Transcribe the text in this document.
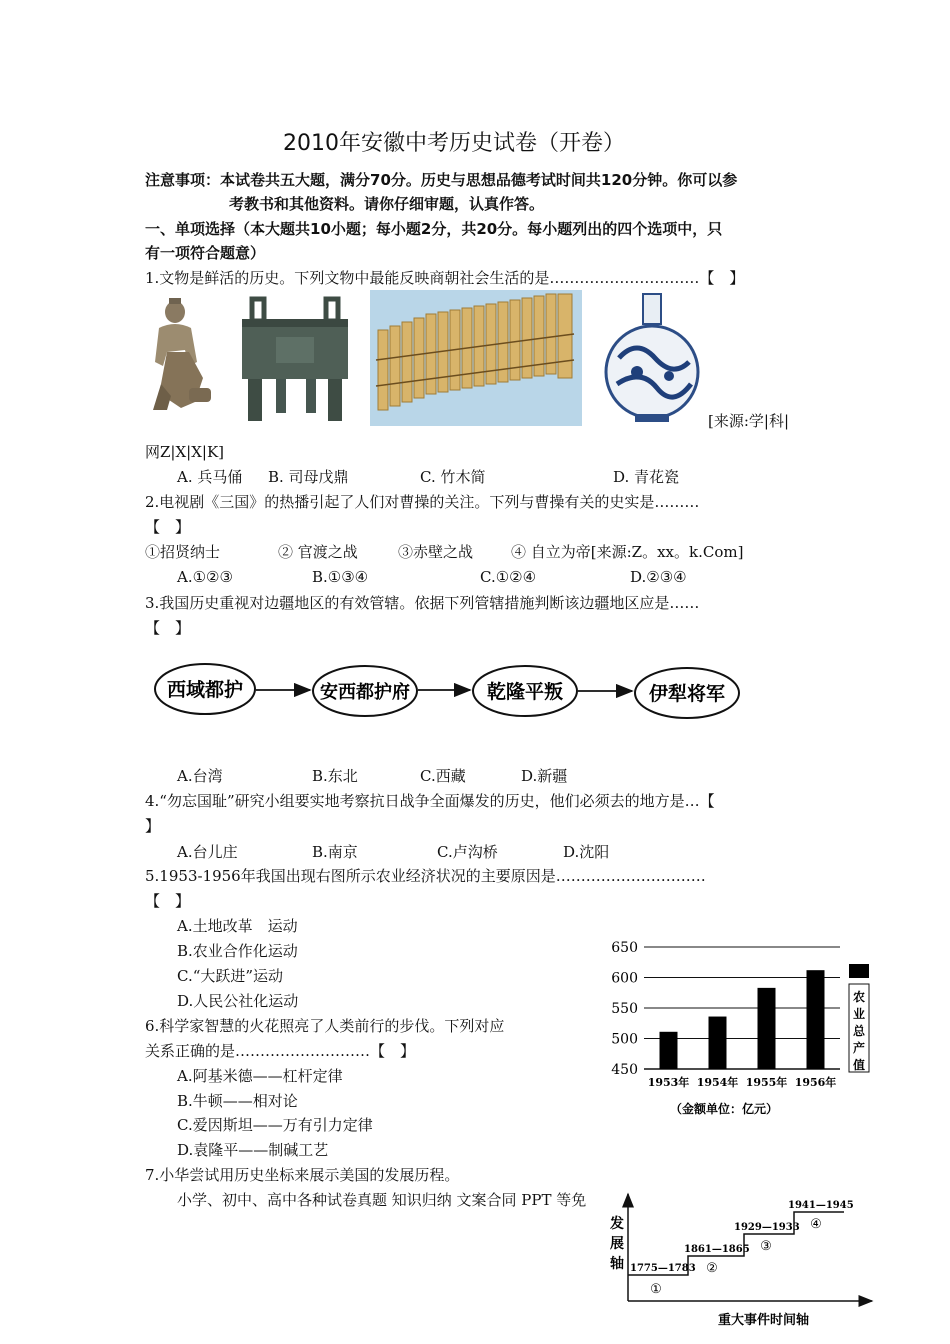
2010年安徽中考历史试卷（开卷）
注意事项：本试卷共五大题，满分70分。历史与思想品德考试时间共120分钟。你可以参
考教书和其他资料。请你仔细审题，认真作答。
一、单项选择（本大题共10小题；每小题2分，共20分。每小题列出的四个选项中，只
有一项符合题意）
1.文物是鲜活的历史。下列文物中最能反映商朝社会生活的是…………………………【　】
[来源:学|科|
网Z|X|X|K]
A. 兵马俑 B. 司母戊鼎	C. 竹木简	D. 青花瓷
2.电视剧《三国》的热播引起了人们对曹操的关注。下列与曹操有关的史实是………
【　】
①招贤纳士	② 官渡之战	③赤壁之战	④ 自立为帝[来源:Z。xx。k.Com]
A.①②③	B.①③④	C.①②④	D.②③④
3.我国历史重视对边疆地区的有效管辖。依据下列管辖措施判断该边疆地区应是……
【　】
西域都护	安西都护府	乾隆平叛	伊犁将军
A.台湾	B.东北	C.西藏	D.新疆
4.“勿忘国耻”研究小组要实地考察抗日战争全面爆发的历史，他们必须去的地方是…【
】
A.台儿庄	B.南京	C.卢沟桥	D.沈阳
5.1953-1956年我国出现右图所示农业经济状况的主要原因是…………………………
【　】
A.土地改革　运动
B.农业合作化运动
C.“大跃进”运动
D.人民公社化运动
650
600
550
500
450
1953年 1954年 1955年 1956年
农
业
总
产
值
（金额单位：亿元）
6.科学家智慧的火花照亮了人类前行的步伐。下列对应
关系正确的是………………………【　】
A.阿基米德——杠杆定律
B.牛顿——相对论
C.爱因斯坦——万有引力定律
D.袁隆平——制碱工艺
7.小华尝试用历史坐标来展示美国的发展历程。
小学、初中、高中各种试卷真题 知识归纳 文案合同 PPT 等免
发
展
轴 1775—1783
①
1861—1865
②
1929—1933
③
1941—1945
④
重大事件时间轴
